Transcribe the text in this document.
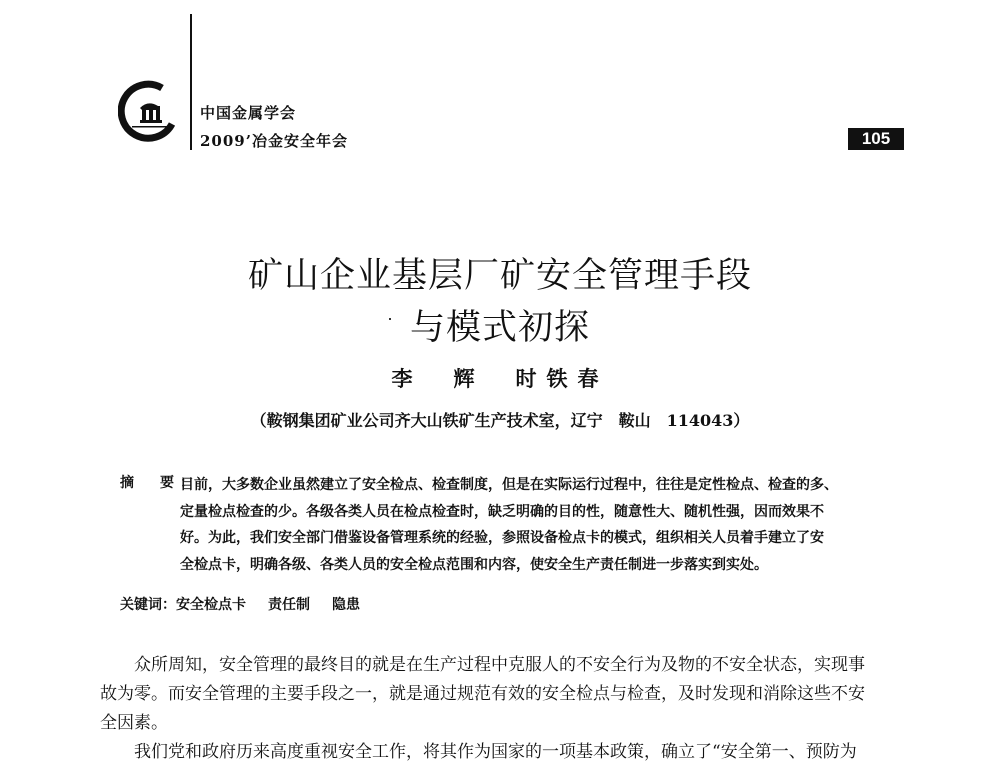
中国金属学会
2009’冶金安全年会	105
矿山企业基层厂矿安全管理手段
与模式初探
李　辉　时铁春
（鞍钢集团矿业公司齐大山铁矿生产技术室，辽宁　鞍山　114043）
摘　要：
目前，大多数企业虽然建立了安全检点、检查制度，但是在实际运行过程中，往往是定性检点、检查的多、
定量检点检查的少。各级各类人员在检点检查时，缺乏明确的目的性，随意性大、随机性强，因而效果不
好。为此，我们安全部门借鉴设备管理系统的经验，参照设备检点卡的模式，组织相关人员着手建立了安
全检点卡，明确各级、各类人员的安全检点范围和内容，使安全生产责任制进一步落实到实处。
关键词：安全检点卡 责任制 隐患
　　众所周知，安全管理的最终目的就是在生产过程中克服人的不安全行为及物的不安全状态，实现事
故为零。而安全管理的主要手段之一，就是通过规范有效的安全检点与检查，及时发现和消除这些不安
全因素。
　　我们党和政府历来高度重视安全工作，将其作为国家的一项基本政策，确立了“安全第一、预防为
